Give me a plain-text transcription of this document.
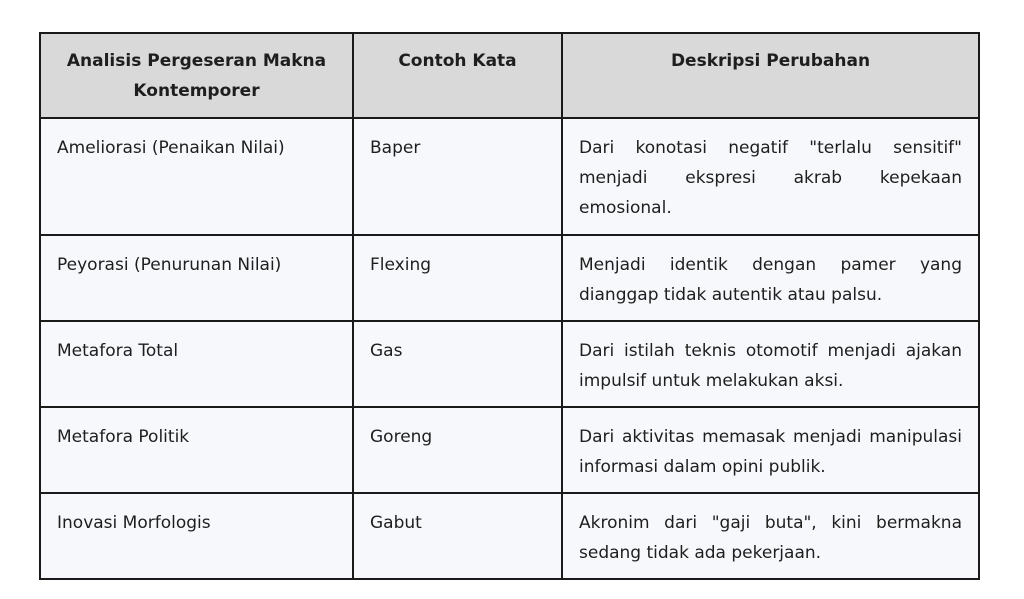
Analisis Pergeseran Makna Kontemporer	Contoh Kata	Deskripsi Perubahan
Ameliorasi (Penaikan Nilai)	Baper	Dari konotasi negatif "terlalu sensitif" menjadi ekspresi akrab kepekaan emosional.
Peyorasi (Penurunan Nilai)	Flexing	Menjadi identik dengan pamer yang dianggap tidak autentik atau palsu.
Metafora Total	Gas	Dari istilah teknis otomotif menjadi ajakan impulsif untuk melakukan aksi.
Metafora Politik	Goreng	Dari aktivitas memasak menjadi manipulasi informasi dalam opini publik.
Inovasi Morfologis	Gabut	Akronim dari "gaji buta", kini bermakna sedang tidak ada pekerjaan.
